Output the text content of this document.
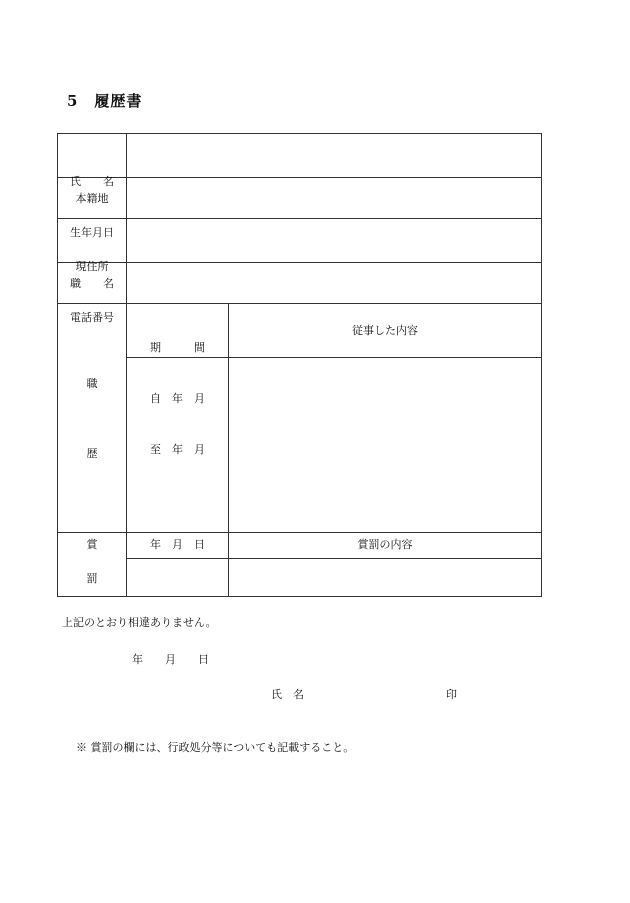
5　履歴書

氏　　名

生年月日

本籍地

現住所

電話番号

職　　名
職
歴

期　　　間

自　年　月

至　年　月

従事した内容
賞
罰
年　月　日	賞罰の内容
上記のとおり相違ありません。
年　　月　　日
氏　名	印
※ 賞罰の欄には、行政処分等についても記載すること。
